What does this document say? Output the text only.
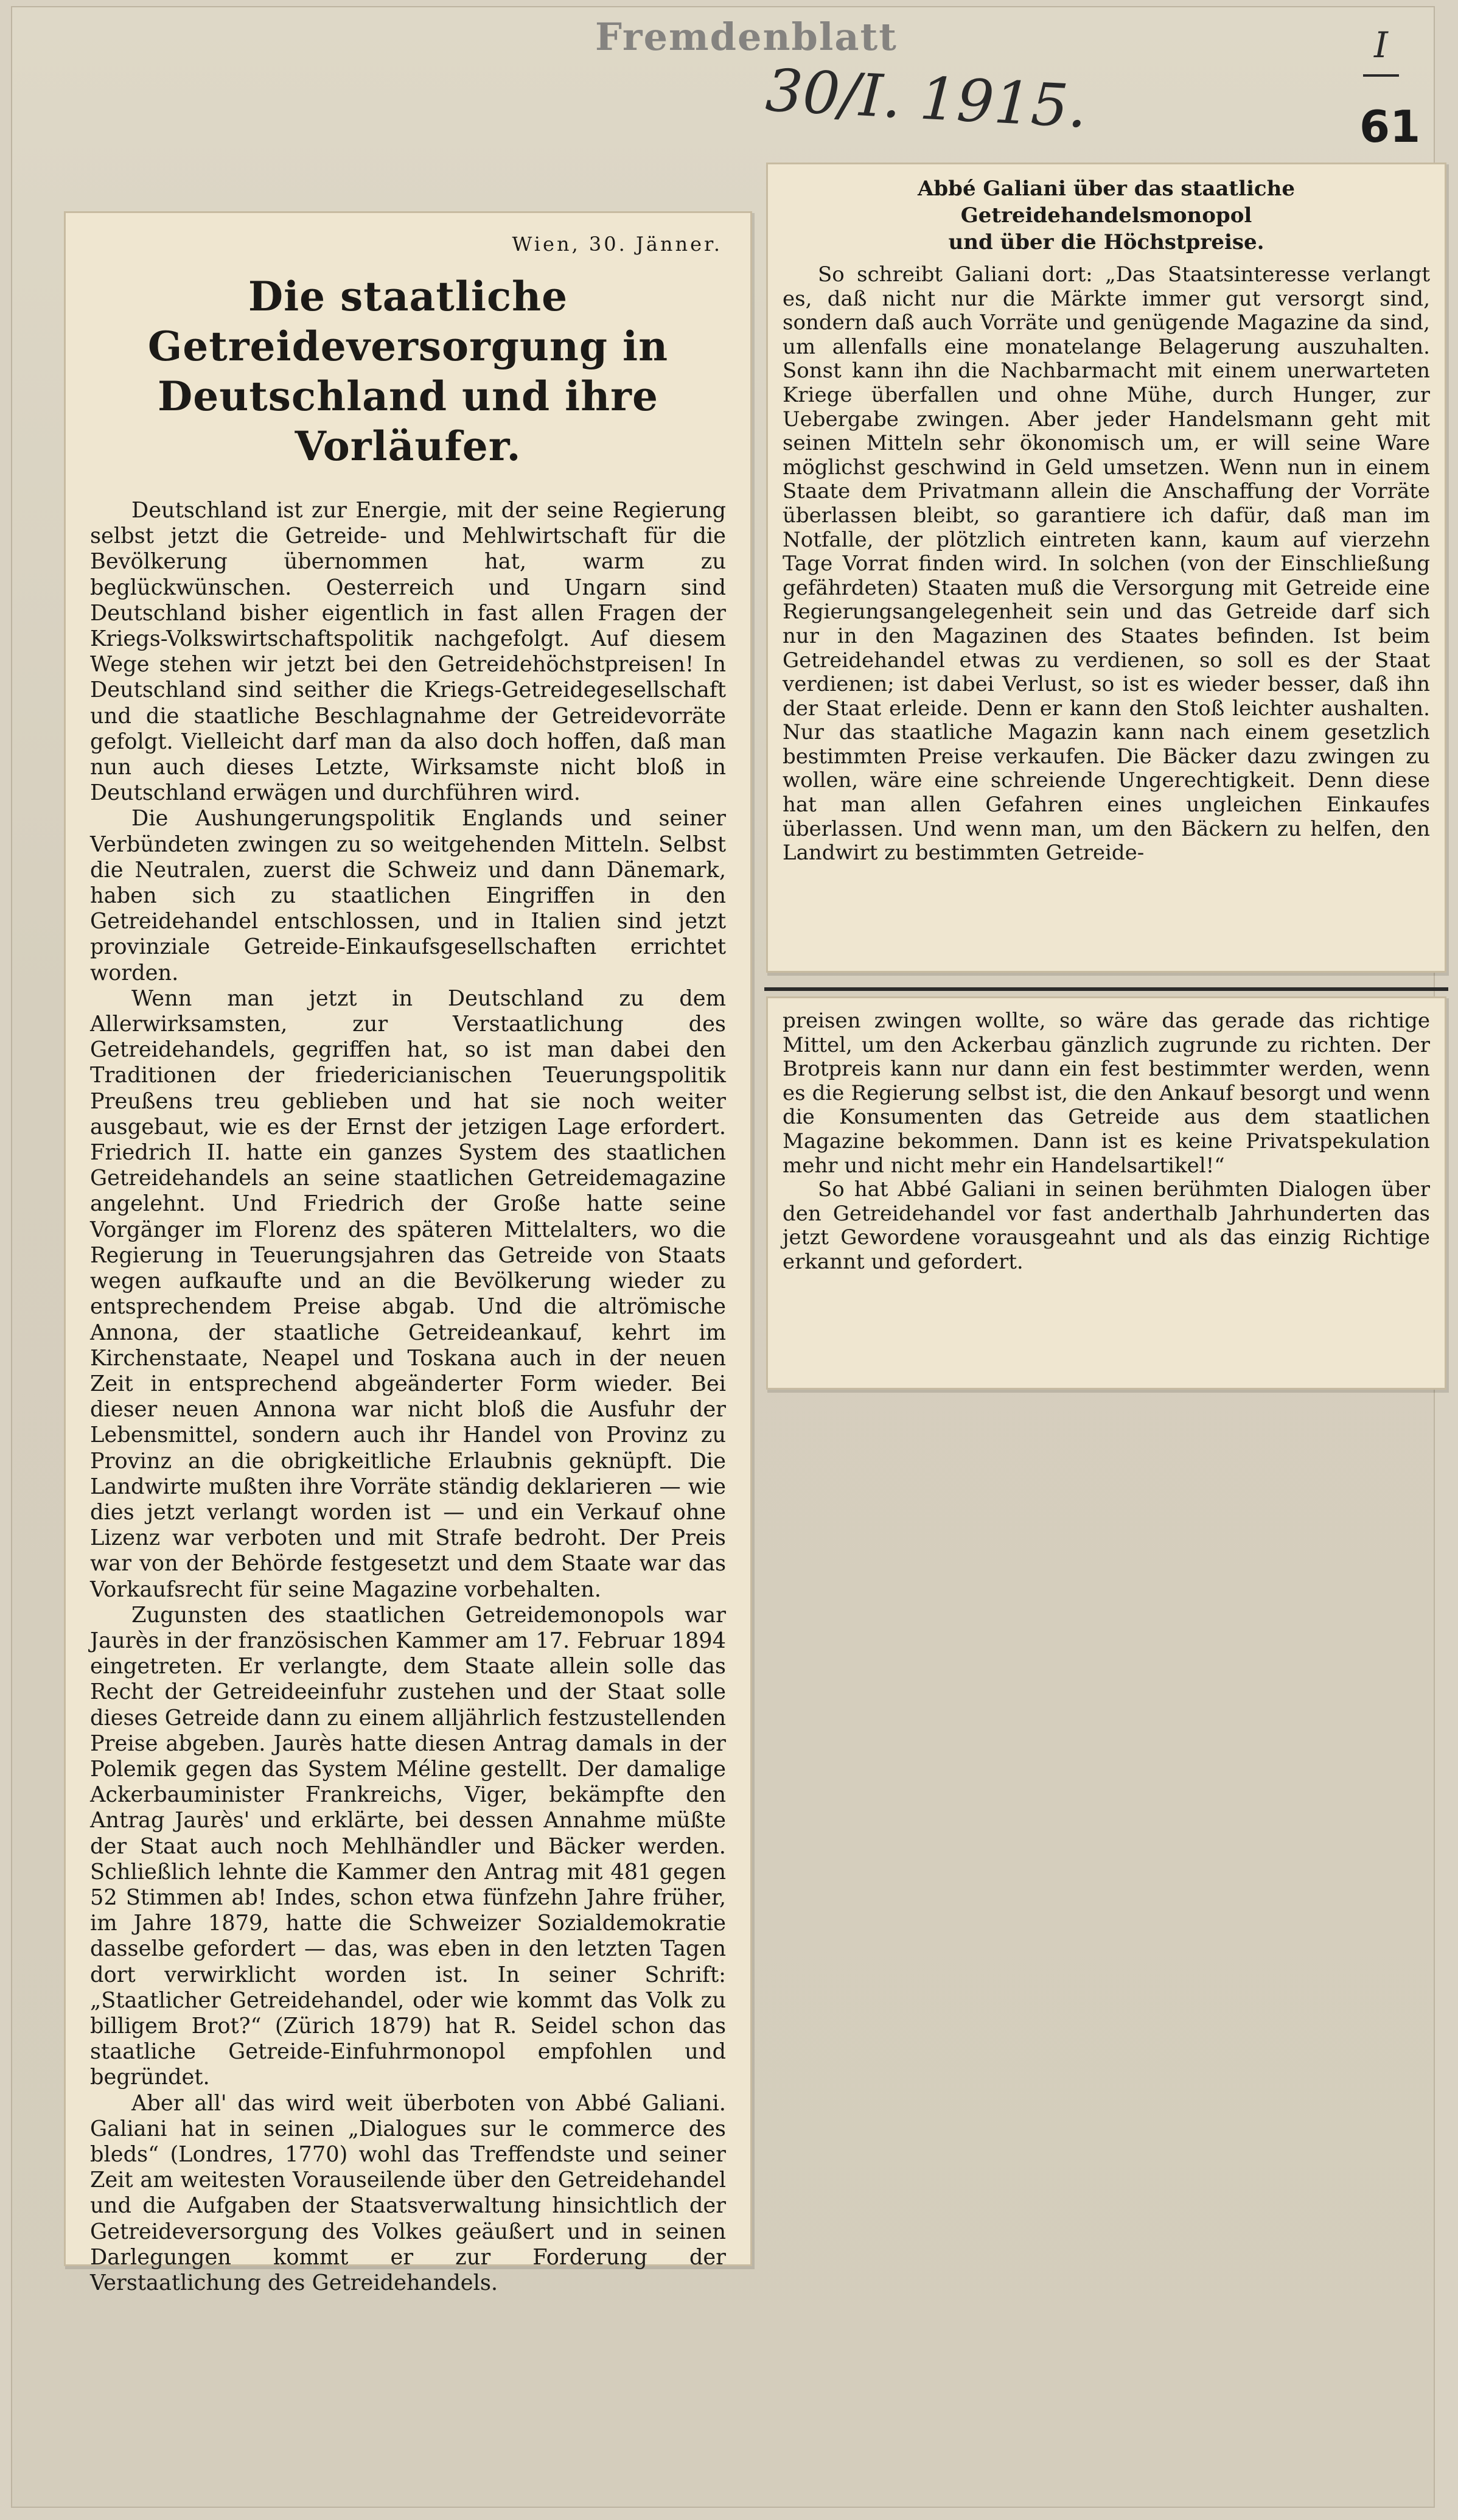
Fremdenblatt
30/I. 1915.
I
61
Wien, 30. Jänner.
Die staatliche Getreideversorgung in
Deutschland und ihre Vorläufer.

Deutschland ist zur Energie, mit der seine Regierung selbst jetzt die Getreide- und Mehlwirtschaft für die Bevölkerung übernommen hat, warm zu beglückwünschen. Oesterreich und Ungarn sind Deutschland bisher eigentlich in fast allen Fragen der Kriegs-Volkswirtschaftspolitik nachgefolgt. Auf diesem Wege stehen wir jetzt bei den Getreidehöchstpreisen! In Deutschland sind seither die Kriegs-Getreidegesellschaft und die staatliche Beschlagnahme der Getreidevorräte gefolgt. Vielleicht darf man da also doch hoffen, daß man nun auch dieses Letzte, Wirksamste nicht bloß in Deutschland erwägen und durchführen wird.

Die Aushungerungspolitik Englands und seiner Verbündeten zwingen zu so weitgehenden Mitteln. Selbst die Neutralen, zuerst die Schweiz und dann Dänemark, haben sich zu staatlichen Eingriffen in den Getreidehandel entschlossen, und in Italien sind jetzt provinziale Getreide-Einkaufsgesellschaften errichtet worden.

Wenn man jetzt in Deutschland zu dem Allerwirksamsten, zur Verstaatlichung des Getreidehandels, gegriffen hat, so ist man dabei den Traditionen der friedericianischen Teuerungspolitik Preußens treu geblieben und hat sie noch weiter ausgebaut, wie es der Ernst der jetzigen Lage erfordert. Friedrich II. hatte ein ganzes System des staatlichen Getreidehandels an seine staatlichen Getreidemagazine angelehnt. Und Friedrich der Große hatte seine Vorgänger im Florenz des späteren Mittelalters, wo die Regierung in Teuerungsjahren das Getreide von Staats wegen aufkaufte und an die Bevölkerung wieder zu entsprechendem Preise abgab. Und die altrömische Annona, der staatliche Getreideankauf, kehrt im Kirchenstaate, Neapel und Toskana auch in der neuen Zeit in entsprechend abgeänderter Form wieder. Bei dieser neuen Annona war nicht bloß die Ausfuhr der Lebensmittel, sondern auch ihr Handel von Provinz zu Provinz an die obrigkeitliche Erlaubnis geknüpft. Die Landwirte mußten ihre Vorräte ständig deklarieren — wie dies jetzt verlangt worden ist — und ein Verkauf ohne Lizenz war verboten und mit Strafe bedroht. Der Preis war von der Behörde festgesetzt und dem Staate war das Vorkaufsrecht für seine Magazine vorbehalten.

Zugunsten des staatlichen Getreidemonopols war Jaurès in der französischen Kammer am 17. Februar 1894 eingetreten. Er verlangte, dem Staate allein solle das Recht der Getreideeinfuhr zustehen und der Staat solle dieses Getreide dann zu einem alljährlich festzustellenden Preise abgeben. Jaurès hatte diesen Antrag damals in der Polemik gegen das System Méline gestellt. Der damalige Ackerbauminister Frankreichs, Viger, bekämpfte den Antrag Jaurès' und erklärte, bei dessen Annahme müßte der Staat auch noch Mehlhändler und Bäcker werden. Schließlich lehnte die Kammer den Antrag mit 481 gegen 52 Stimmen ab! Indes, schon etwa fünfzehn Jahre früher, im Jahre 1879, hatte die Schweizer Sozialdemokratie dasselbe gefordert — das, was eben in den letzten Tagen dort verwirklicht worden ist. In seiner Schrift: „Staatlicher Getreidehandel, oder wie kommt das Volk zu billigem Brot?“ (Zürich 1879) hat R. Seidel schon das staatliche Getreide-Einfuhrmonopol empfohlen und begründet.

Aber all' das wird weit überboten von Abbé Galiani. Galiani hat in seinen „Dialogues sur le commerce des bleds“ (Londres, 1770) wohl das Treffendste und seiner Zeit am weitesten Vorauseilende über den Getreidehandel und die Aufgaben der Staatsverwaltung hinsichtlich der Getreideversorgung des Volkes geäußert und in seinen Darlegungen kommt er zur Forderung der Verstaatlichung des Getreidehandels.

Abbé Galiani über das staatliche Getreidehandelsmonopol
und über die Höchstpreise.

So schreibt Galiani dort: „Das Staatsinteresse verlangt es, daß nicht nur die Märkte immer gut versorgt sind, sondern daß auch Vorräte und genügende Magazine da sind, um allenfalls eine monatelange Belagerung auszuhalten. Sonst kann ihn die Nachbarmacht mit einem unerwarteten Kriege überfallen und ohne Mühe, durch Hunger, zur Uebergabe zwingen. Aber jeder Handelsmann geht mit seinen Mitteln sehr ökonomisch um, er will seine Ware möglichst geschwind in Geld umsetzen. Wenn nun in einem Staate dem Privatmann allein die Anschaffung der Vorräte überlassen bleibt, so garantiere ich dafür, daß man im Notfalle, der plötzlich eintreten kann, kaum auf vierzehn Tage Vorrat finden wird. In solchen (von der Einschließung gefährdeten) Staaten muß die Versorgung mit Getreide eine Regierungsangelegenheit sein und das Getreide darf sich nur in den Magazinen des Staates befinden. Ist beim Getreidehandel etwas zu verdienen, so soll es der Staat verdienen; ist dabei Verlust, so ist es wieder besser, daß ihn der Staat erleide. Denn er kann den Stoß leichter aushalten. Nur das staatliche Magazin kann nach einem gesetzlich bestimmten Preise verkaufen. Die Bäcker dazu zwingen zu wollen, wäre eine schreiende Ungerechtigkeit. Denn diese hat man allen Gefahren eines ungleichen Einkaufes überlassen. Und wenn man, um den Bäckern zu helfen, den Landwirt zu bestimmten Getreide-

preisen zwingen wollte, so wäre das gerade das richtige Mittel, um den Ackerbau gänzlich zugrunde zu richten. Der Brotpreis kann nur dann ein fest bestimmter werden, wenn es die Regierung selbst ist, die den Ankauf besorgt und wenn die Konsumenten das Getreide aus dem staatlichen Magazine bekommen. Dann ist es keine Privatspekulation mehr und nicht mehr ein Handelsartikel!“

So hat Abbé Galiani in seinen berühmten Dialogen über den Getreidehandel vor fast anderthalb Jahrhunderten das jetzt Gewordene vorausgeahnt und als das einzig Richtige erkannt und gefordert.
